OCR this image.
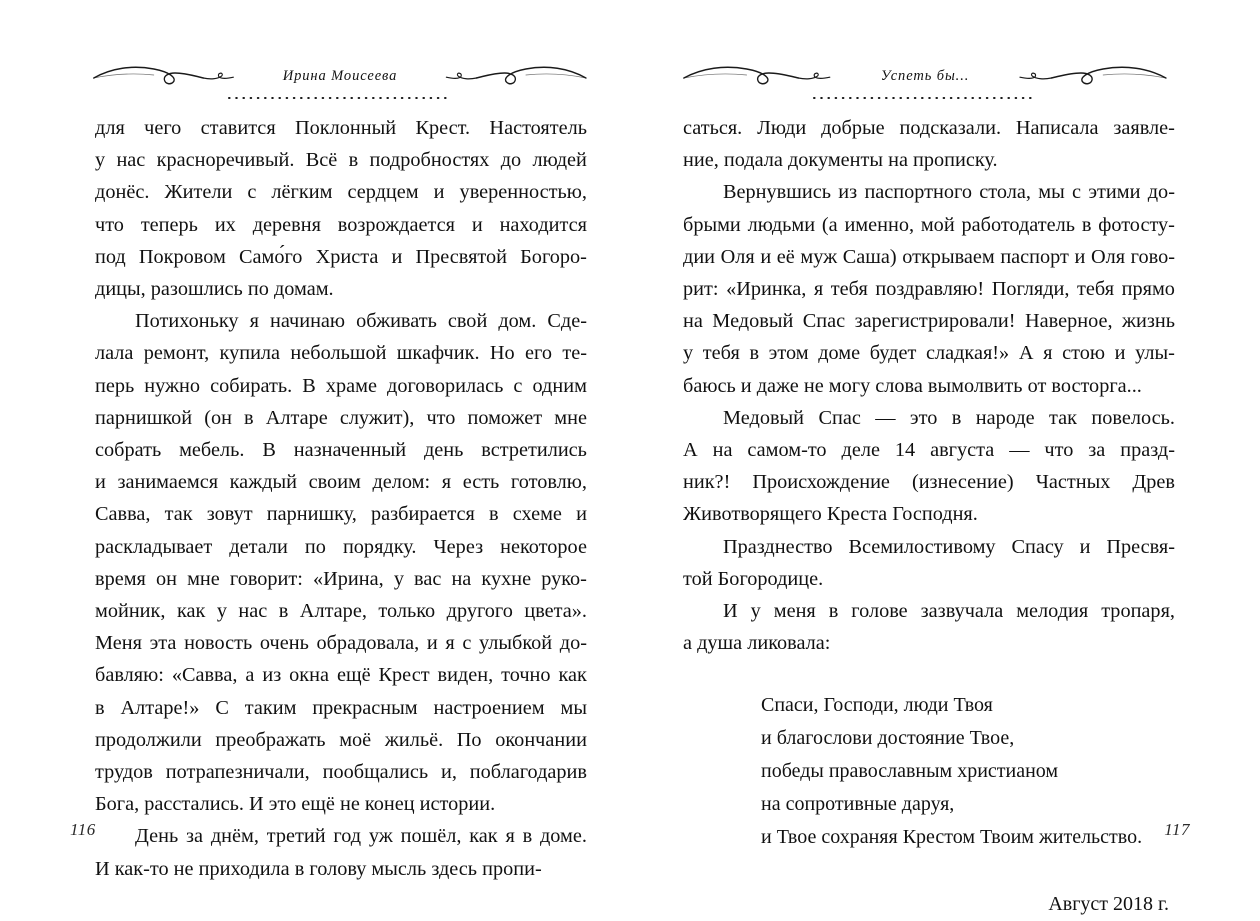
Ирина Моисеева

для чего ставится Поклонный Крест. Настоятель
у нас красноречивый. Всё в подробностях до людей
донёс. Жители с лёгким сердцем и уверенностью,
что теперь их деревня возрождается и находится
под Покровом Само́го Христа и Пресвятой Богоро-
дицы, разошлись по домам.

Потихоньку я начинаю обживать свой дом. Сде-
лала ремонт, купила небольшой шкафчик. Но его те-
перь нужно собирать. В храме договорилась с одним
парнишкой (он в Алтаре служит), что поможет мне
собрать мебель. В назначенный день встретились
и занимаемся каждый своим делом: я есть готовлю,
Савва, так зовут парнишку, разбирается в схеме и
раскладывает детали по порядку. Через некоторое
время он мне говорит: «Ирина, у вас на кухне руко-
мойник, как у нас в Алтаре, только другого цвета».
Меня эта новость очень обрадовала, и я с улыбкой до-
бавляю: «Савва, а из окна ещё Крест виден, точно как
в Алтаре!» С таким прекрасным настроением мы
продолжили преображать моё жильё. По окончании
трудов потрапезничали, пообщались и, поблагодарив
Бога, расстались. И это ещё не конец истории.

День за днём, третий год уж пошёл, как я в доме.
И как-то не приходила в голову мысль здесь пропи-

116
Успеть бы...

саться. Люди добрые подсказали. Написала заявле-
ние, подала документы на прописку.

Вернувшись из паспортного стола, мы с этими до-
брыми людьми (а именно, мой работодатель в фотосту-
дии Оля и её муж Саша) открываем паспорт и Оля гово-
рит: «Иринка, я тебя поздравляю! Погляди, тебя прямо
на Медовый Спас зарегистрировали! Наверное, жизнь
у тебя в этом доме будет сладкая!» А я стою и улы-
баюсь и даже не могу слова вымолвить от восторга...

Медовый Спас — это в народе так повелось.
А на самом-то деле 14 августа — что за празд-
ник?! Происхождение (изнесение) Частных Древ
Животворящего Креста Господня.

Празднество Всемилостивому Спасу и Пресвя-
той Богородице.

И у меня в голове зазвучала мелодия тропаря,
а душа ликовала:

Спаси, Господи, люди Твоя
и благослови достояние Твое,
победы православным христианом
на сопротивные даруя,
и Твое сохраняя Крестом Твоим жительство.
Август 2018 г.
117
